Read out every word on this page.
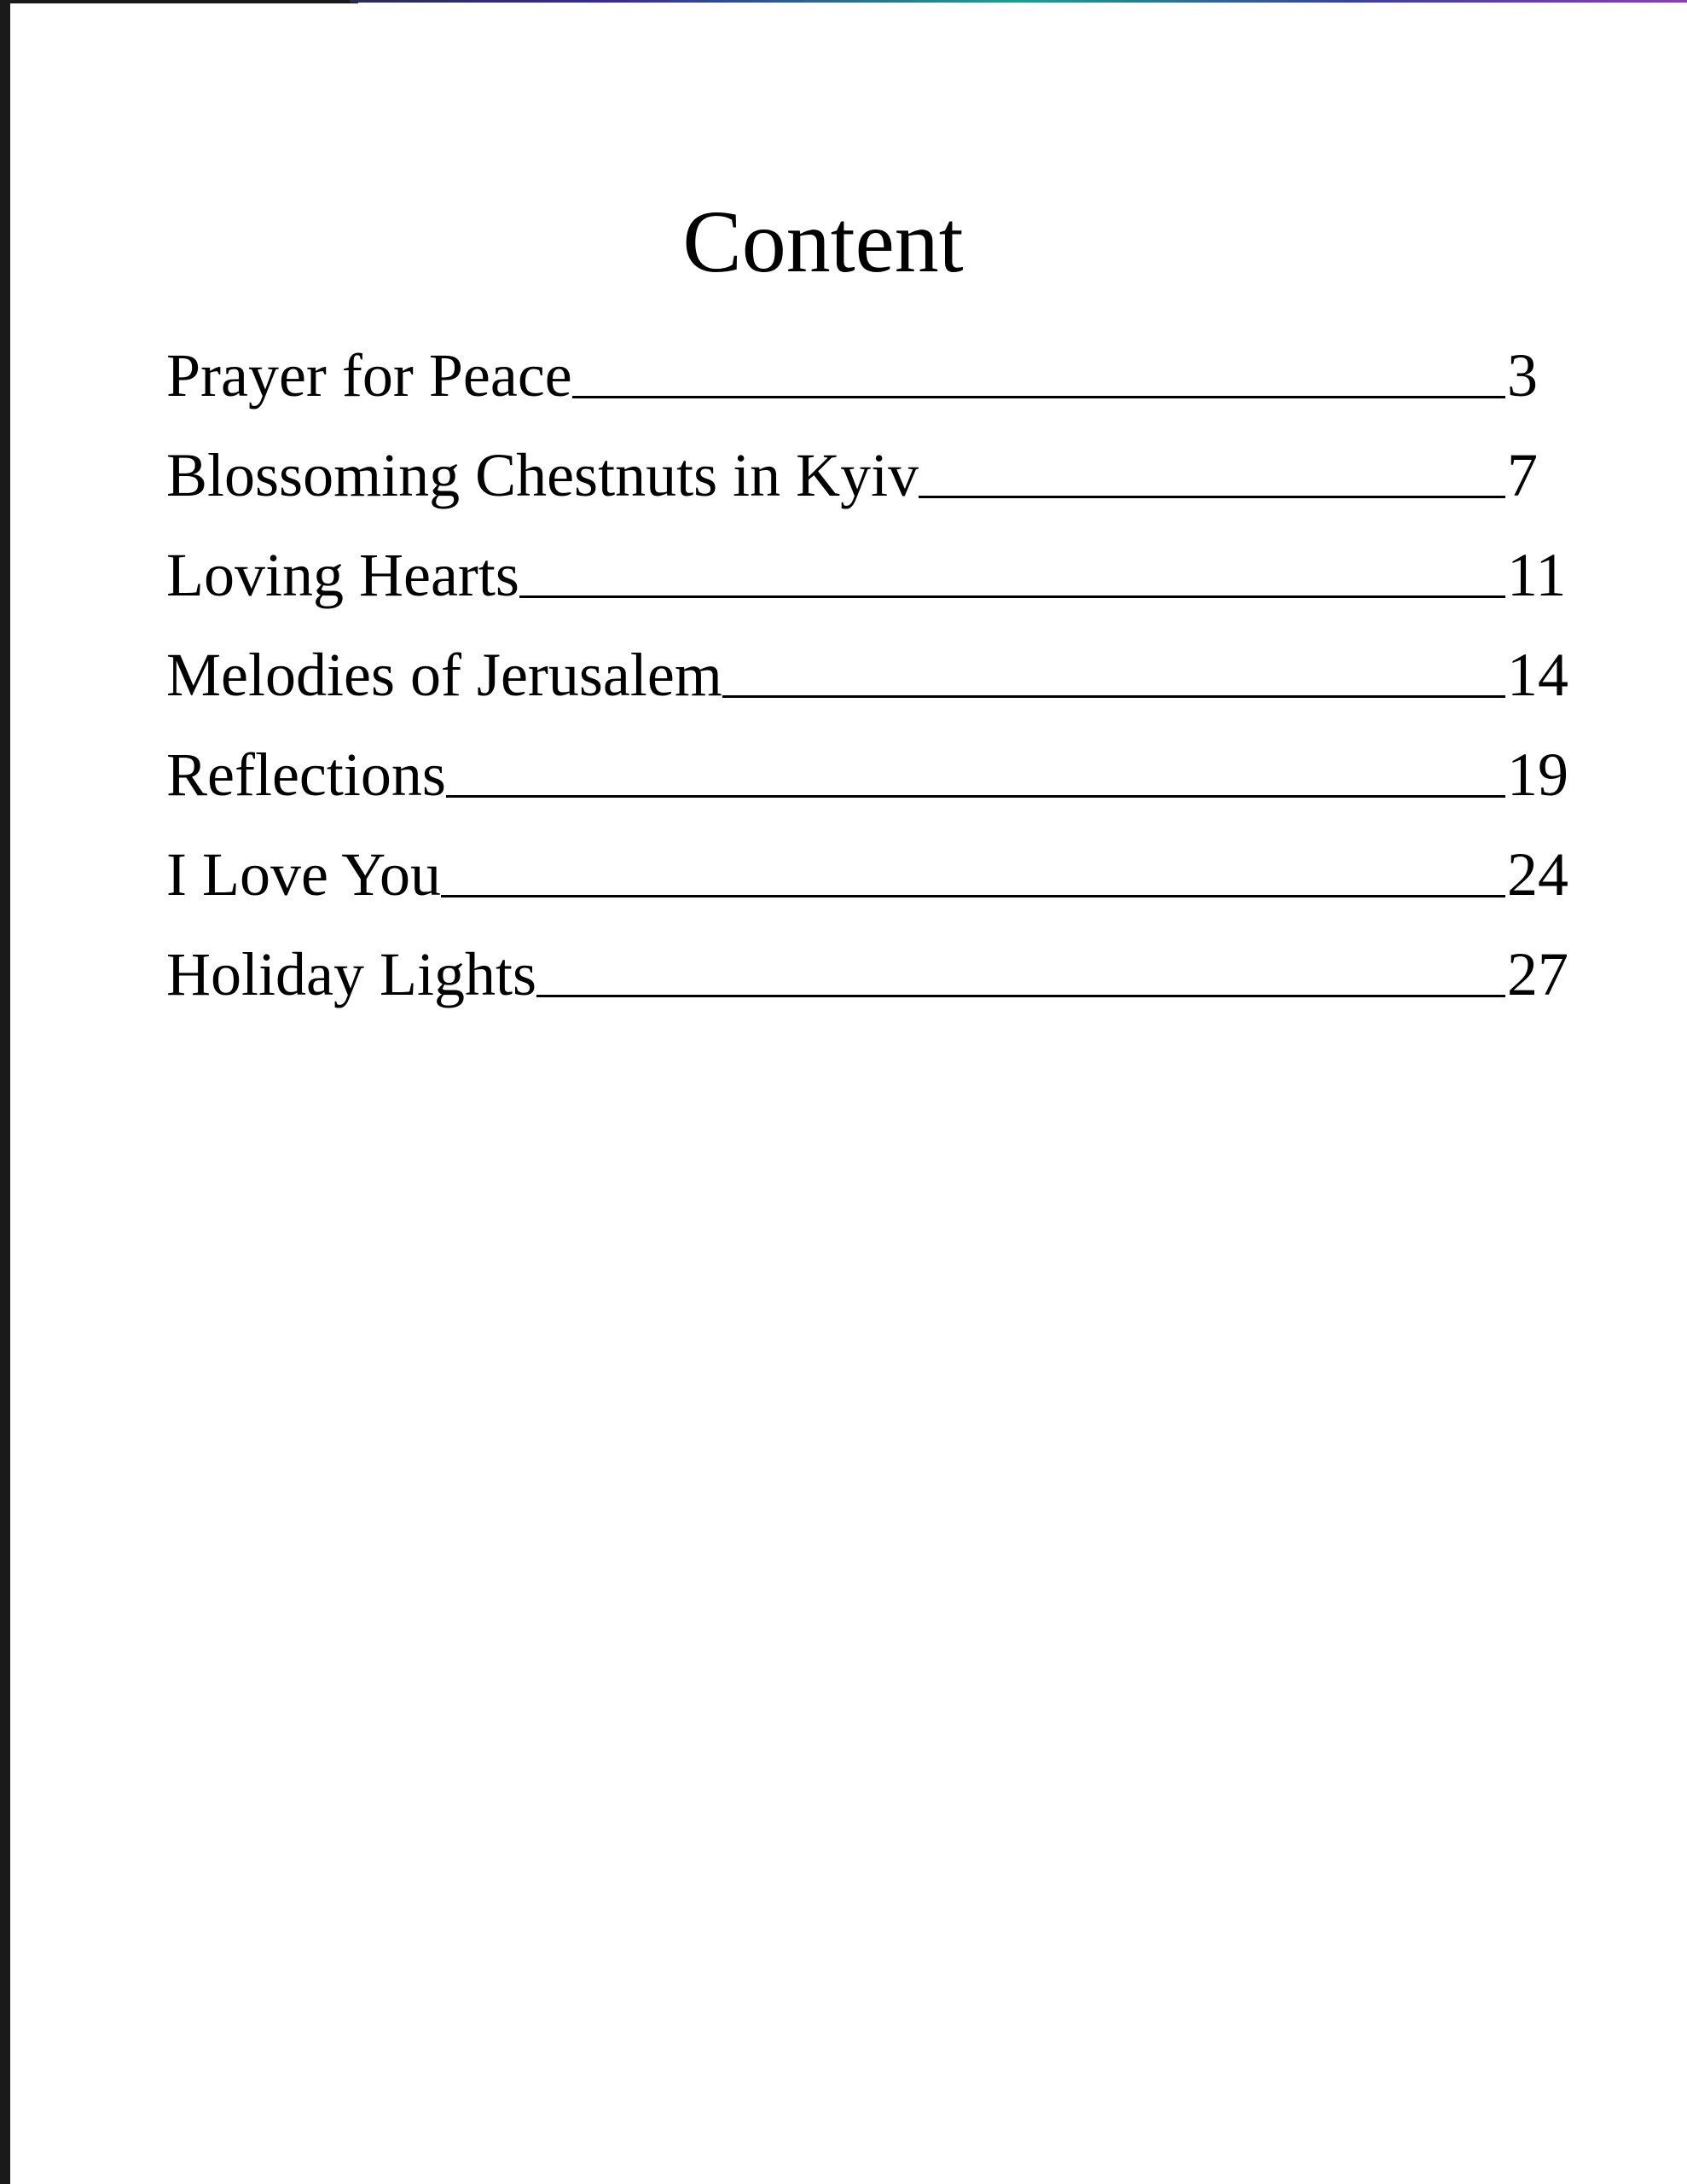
Content
Prayer for Peace	3
Blossoming Chestnuts in Kyiv	7
Loving Hearts	11
Melodies of Jerusalem	14
Reflections	19
I Love You	24
Holiday Lights	27
